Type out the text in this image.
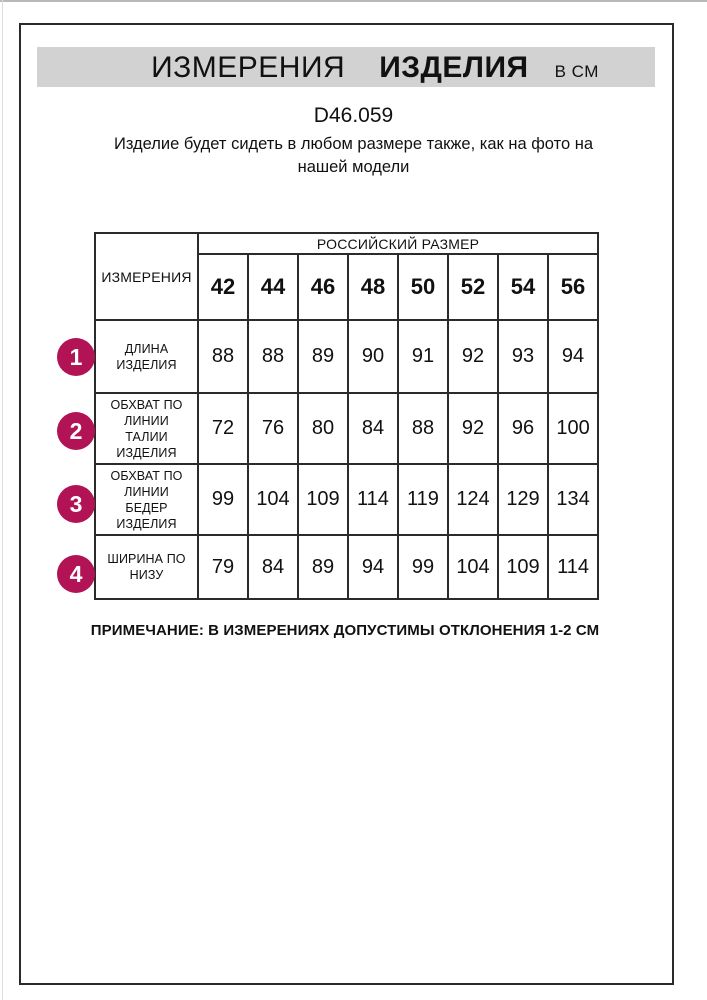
ИЗМЕРЕНИЯ ИЗДЕЛИЯ В СМ
D46.059
Изделие будет сидеть в любом размере также, как на фото на
нашей модели
ИЗМЕРЕНИЯ	РОССИЙСКИЙ РАЗМЕР							
	42	44	46	48	50	52	54	56
ДЛИНА ИЗДЕЛИЯ	88	88	89	90	91	92	93	94
ОБХВАТ ПО ЛИНИИ ТАЛИИ ИЗДЕЛИЯ	72	76	80	84	88	92	96	100
ОБХВАТ ПО ЛИНИИ БЕДЕР ИЗДЕЛИЯ	99	104	109	114	119	124	129	134
ШИРИНА ПО НИЗУ	79	84	89	94	99	104	109	114
1
2
3
4
ПРИМЕЧАНИЕ: В ИЗМЕРЕНИЯХ ДОПУСТИМЫ ОТКЛОНЕНИЯ 1-2 СМ
